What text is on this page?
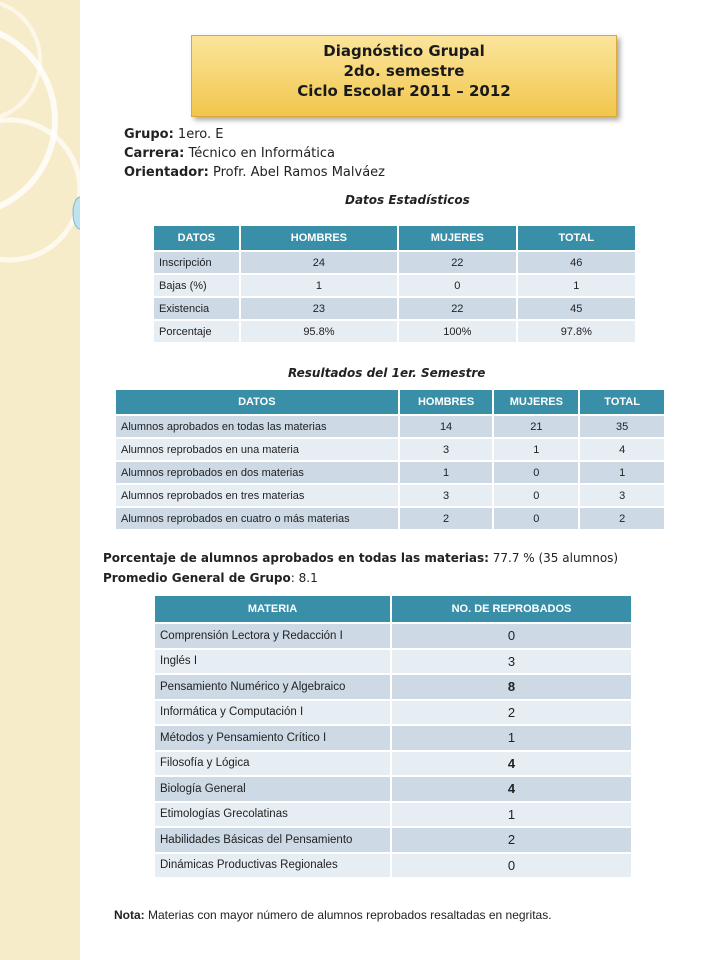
Diagnóstico Grupal
2do. semestre
Ciclo Escolar 2011 – 2012
Grupo: 1ero. E
Carrera: Técnico en Informática
Orientador: Profr. Abel Ramos Malváez
Datos Estadísticos
DATOS	HOMBRES	MUJERES	TOTAL
Inscripción	24	22	46
Bajas (%)	1	0	1
Existencia	23	22	45
Porcentaje	95.8%	100%	97.8%
Resultados del 1er. Semestre
DATOS	HOMBRES	MUJERES	TOTAL
Alumnos aprobados en todas las materias	14	21	35
Alumnos reprobados en una materia	3	1	4
Alumnos reprobados en dos materias	1	0	1
Alumnos reprobados en tres materias	3	0	3
Alumnos reprobados en cuatro o más materias	2	0	2
Porcentaje de alumnos aprobados en todas las materias: 77.7 % (35 alumnos)
Promedio General de Grupo: 8.1
MATERIA	NO. DE REPROBADOS
Comprensión Lectora y Redacción I	0
Inglés I	3
Pensamiento Numérico y Algebraico	8
Informática y Computación I	2
Métodos y Pensamiento Crítico I	1
Filosofía y Lógica	4
Biología General	4
Etimologías Grecolatinas	1
Habilidades Básicas del Pensamiento	2
Dinámicas Productivas Regionales	0
Nota: Materias con mayor número de alumnos reprobados resaltadas en negritas.
